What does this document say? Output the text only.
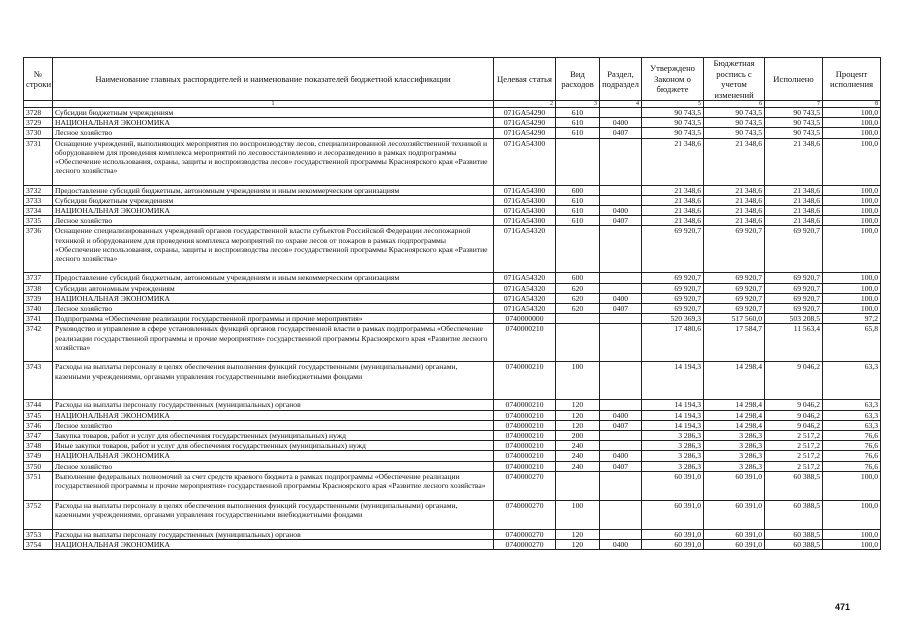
№ строки	Наименование главных распорядителей и наименование показателей бюджетной классификации	Целевая статья	Вид расходов	Раздел, подраздел	Утверждено Законом о бюджете	Бюджетная роспись с учетом изменений	Исполнено	Процент исполнения
	1	2	3	4	5	6	7	8
3728	Субсидии бюджетным учреждениям	071GA54290	610		90 743,5	90 743,5	90 743,5	100,0
3729	НАЦИОНАЛЬНАЯ ЭКОНОМИКА	071GA54290	610	0400	90 743,5	90 743,5	90 743,5	100,0
3730	Лесное хозяйство	071GA54290	610	0407	90 743,5	90 743,5	90 743,5	100,0
3731	Оснащение учреждений, выполняющих мероприятия по воспроизводству лесов, специализированной лесохозяйственной техникой и оборудованием для проведения комплекса мероприятий по лесовосстановлению и лесоразведению в рамках подпрограммы «Обеспечение использования, охраны, защиты и воспроизводства лесов» государственной программы Красноярского края «Развитие лесного хозяйства»	071GA54300			21 348,6	21 348,6	21 348,6	100,0
3732	Предоставление субсидий бюджетным, автономным учреждениям и иным некоммерческим организациям	071GA54300	600		21 348,6	21 348,6	21 348,6	100,0
3733	Субсидии бюджетным учреждениям	071GA54300	610		21 348,6	21 348,6	21 348,6	100,0
3734	НАЦИОНАЛЬНАЯ ЭКОНОМИКА	071GA54300	610	0400	21 348,6	21 348,6	21 348,6	100,0
3735	Лесное хозяйство	071GA54300	610	0407	21 348,6	21 348,6	21 348,6	100,0
3736	Оснащение специализированных учреждений органов государственной власти субъектов Российской Федерации лесопожарной техникой и оборудованием для проведения комплекса мероприятий по охране лесов от пожаров в рамках подпрограммы «Обеспечение использования, охраны, защиты и воспроизводства лесов» государственной программы Красноярского края «Развитие лесного хозяйства»	071GA54320			69 920,7	69 920,7	69 920,7	100,0
3737	Предоставление субсидий бюджетным, автономным учреждениям и иным некоммерческим организациям	071GA54320	600		69 920,7	69 920,7	69 920,7	100,0
3738	Субсидии автономным учреждениям	071GA54320	620		69 920,7	69 920,7	69 920,7	100,0
3739	НАЦИОНАЛЬНАЯ ЭКОНОМИКА	071GA54320	620	0400	69 920,7	69 920,7	69 920,7	100,0
3740	Лесное хозяйство	071GA54320	620	0407	69 920,7	69 920,7	69 920,7	100,0
3741	Подпрограмма «Обеспечение реализации государственной программы и прочие мероприятия»	0740000000			520 369,3	517 560,0	503 208,5	97,2
3742	Руководство и управление в сфере установленных функций органов государственной власти в рамках подпрограммы «Обеспечение реализации государственной программы и прочие мероприятия» государственной программы Красноярского края «Развитие лесного хозяйства»	0740000210			17 480,6	17 584,7	11 563,4	65,8
3743	Расходы на выплаты персоналу в целях обеспечения выполнения функций государственными (муниципальными) органами, казенными учреждениями, органами управления государственными внебюджетными фондами	0740000210	100		14 194,3	14 298,4	9 046,2	63,3
3744	Расходы на выплаты персоналу государственных (муниципальных) органов	0740000210	120		14 194,3	14 298,4	9 046,2	63,3
3745	НАЦИОНАЛЬНАЯ ЭКОНОМИКА	0740000210	120	0400	14 194,3	14 298,4	9 046,2	63,3
3746	Лесное хозяйство	0740000210	120	0407	14 194,3	14 298,4	9 046,2	63,3
3747	Закупка товаров, работ и услуг для обеспечения государственных (муниципальных) нужд	0740000210	200		3 286,3	3 286,3	2 517,2	76,6
3748	Иные закупки товаров, работ и услуг для обеспечения государственных (муниципальных) нужд	0740000210	240		3 286,3	3 286,3	2 517,2	76,6
3749	НАЦИОНАЛЬНАЯ ЭКОНОМИКА	0740000210	240	0400	3 286,3	3 286,3	2 517,2	76,6
3750	Лесное хозяйство	0740000210	240	0407	3 286,3	3 286,3	2 517,2	76,6
3751	Выполнение федеральных полномочий за счет средств краевого бюджета в рамках подпрограммы «Обеспечение реализации государственной программы и прочие мероприятия» государственной программы Красноярского края «Развитие лесного хозяйства»	0740000270			60 391,0	60 391,0	60 388,5	100,0
3752	Расходы на выплаты персоналу в целях обеспечения выполнения функций государственными (муниципальными) органами, казенными учреждениями, органами управления государственными внебюджетными фондами	0740000270	100		60 391,0	60 391,0	60 388,5	100,0
3753	Расходы на выплаты персоналу государственных (муниципальных) органов	0740000270	120		60 391,0	60 391,0	60 388,5	100,0
3754	НАЦИОНАЛЬНАЯ ЭКОНОМИКА	0740000270	120	0400	60 391,0	60 391,0	60 388,5	100,0
471
